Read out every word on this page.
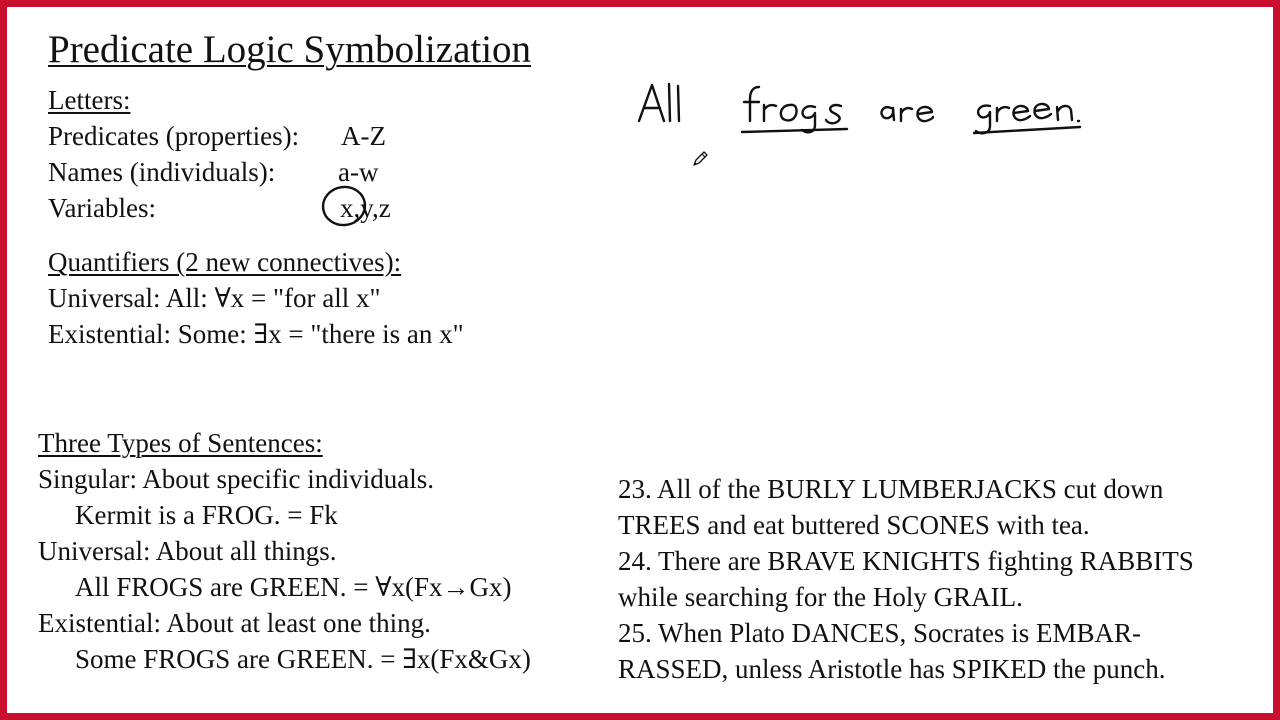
Predicate Logic Symbolization
Letters:
Predicates (properties): A-Z
Names (individuals): a-w
Variables:	x,y,z
Quantifiers (2 new connectives):
Universal: All: ∀x = "for all x"
Existential: Some: ∃x = "there is an x"
Three Types of Sentences:
Singular: About specific individuals.
Kermit is a FROG. = Fk
Universal: About all things.
All FROGS are GREEN. = ∀x(Fx→Gx)
Existential: About at least one thing.
Some FROGS are GREEN. = ∃x(Fx&Gx)
23. All of the BURLY LUMBERJACKS cut down
TREES and eat buttered SCONES with tea.
24. There are BRAVE KNIGHTS fighting RABBITS
while searching for the Holy GRAIL.
25. When Plato DANCES, Socrates is EMBAR-
RASSED, unless Aristotle has SPIKED the punch.
